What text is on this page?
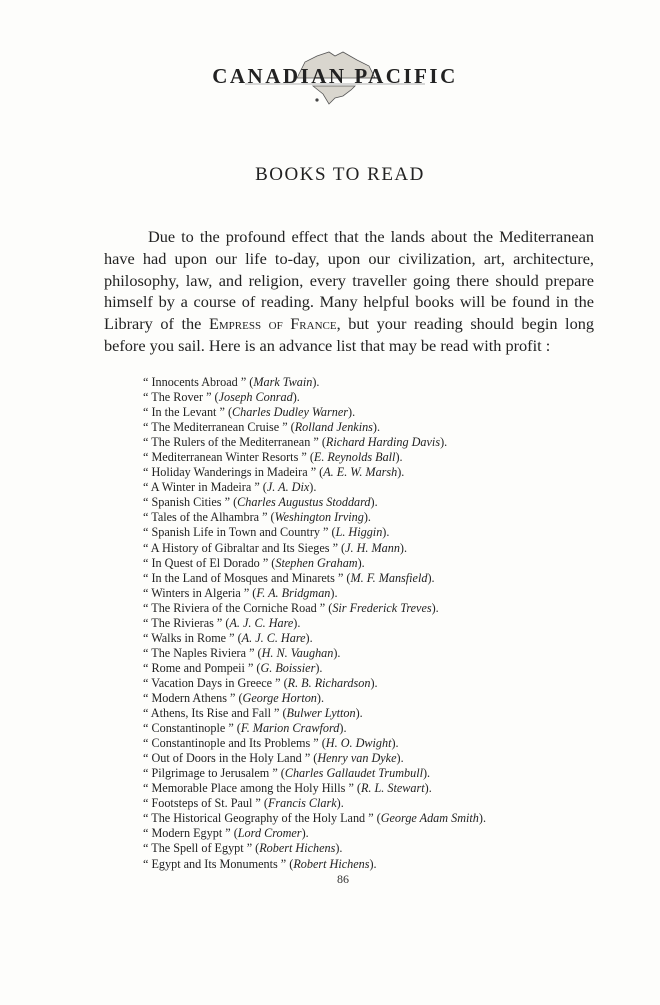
CANADIAN PACIFIC
BOOKS TO READ

Due to the profound effect that the lands about the Mediterranean have had upon our life to-day, upon our civilization, art, architecture, philosophy, law, and religion, every traveller going there should prepare himself by a course of reading. Many helpful books will be found in the Library of the Empress of France, but your reading should begin long before you sail. Here is an advance list that may be read with profit :

“ Innocents Abroad ” (Mark Twain).
“ The Rover ” (Joseph Conrad).
“ In the Levant ” (Charles Dudley Warner).
“ The Mediterranean Cruise ” (Rolland Jenkins).
“ The Rulers of the Mediterranean ” (Richard Harding Davis).
“ Mediterranean Winter Resorts ” (E. Reynolds Ball).
“ Holiday Wanderings in Madeira ” (A. E. W. Marsh).
“ A Winter in Madeira ” (J. A. Dix).
“ Spanish Cities ” (Charles Augustus Stoddard).
“ Tales of the Alhambra ” (Weshington Irving).
“ Spanish Life in Town and Country ” (L. Higgin).
“ A History of Gibraltar and Its Sieges ” (J. H. Mann).
“ In Quest of El Dorado ” (Stephen Graham).
“ In the Land of Mosques and Minarets ” (M. F. Mansfield).
“ Winters in Algeria ” (F. A. Bridgman).
“ The Riviera of the Corniche Road ” (Sir Frederick Treves).
“ The Rivieras ” (A. J. C. Hare).
“ Walks in Rome ” (A. J. C. Hare).
“ The Naples Riviera ” (H. N. Vaughan).
“ Rome and Pompeii ” (G. Boissier).
“ Vacation Days in Greece ” (R. B. Richardson).
“ Modern Athens ” (George Horton).
“ Athens, Its Rise and Fall ” (Bulwer Lytton).
“ Constantinople ” (F. Marion Crawford).
“ Constantinople and Its Problems ” (H. O. Dwight).
“ Out of Doors in the Holy Land ” (Henry van Dyke).
“ Pilgrimage to Jerusalem ” (Charles Gallaudet Trumbull).
“ Memorable Place among the Holy Hills ” (R. L. Stewart).
“ Footsteps of St. Paul ” (Francis Clark).
“ The Historical Geography of the Holy Land ” (George Adam Smith).
“ Modern Egypt ” (Lord Cromer).
“ The Spell of Egypt ” (Robert Hichens).
“ Egypt and Its Monuments ” (Robert Hichens).
86
